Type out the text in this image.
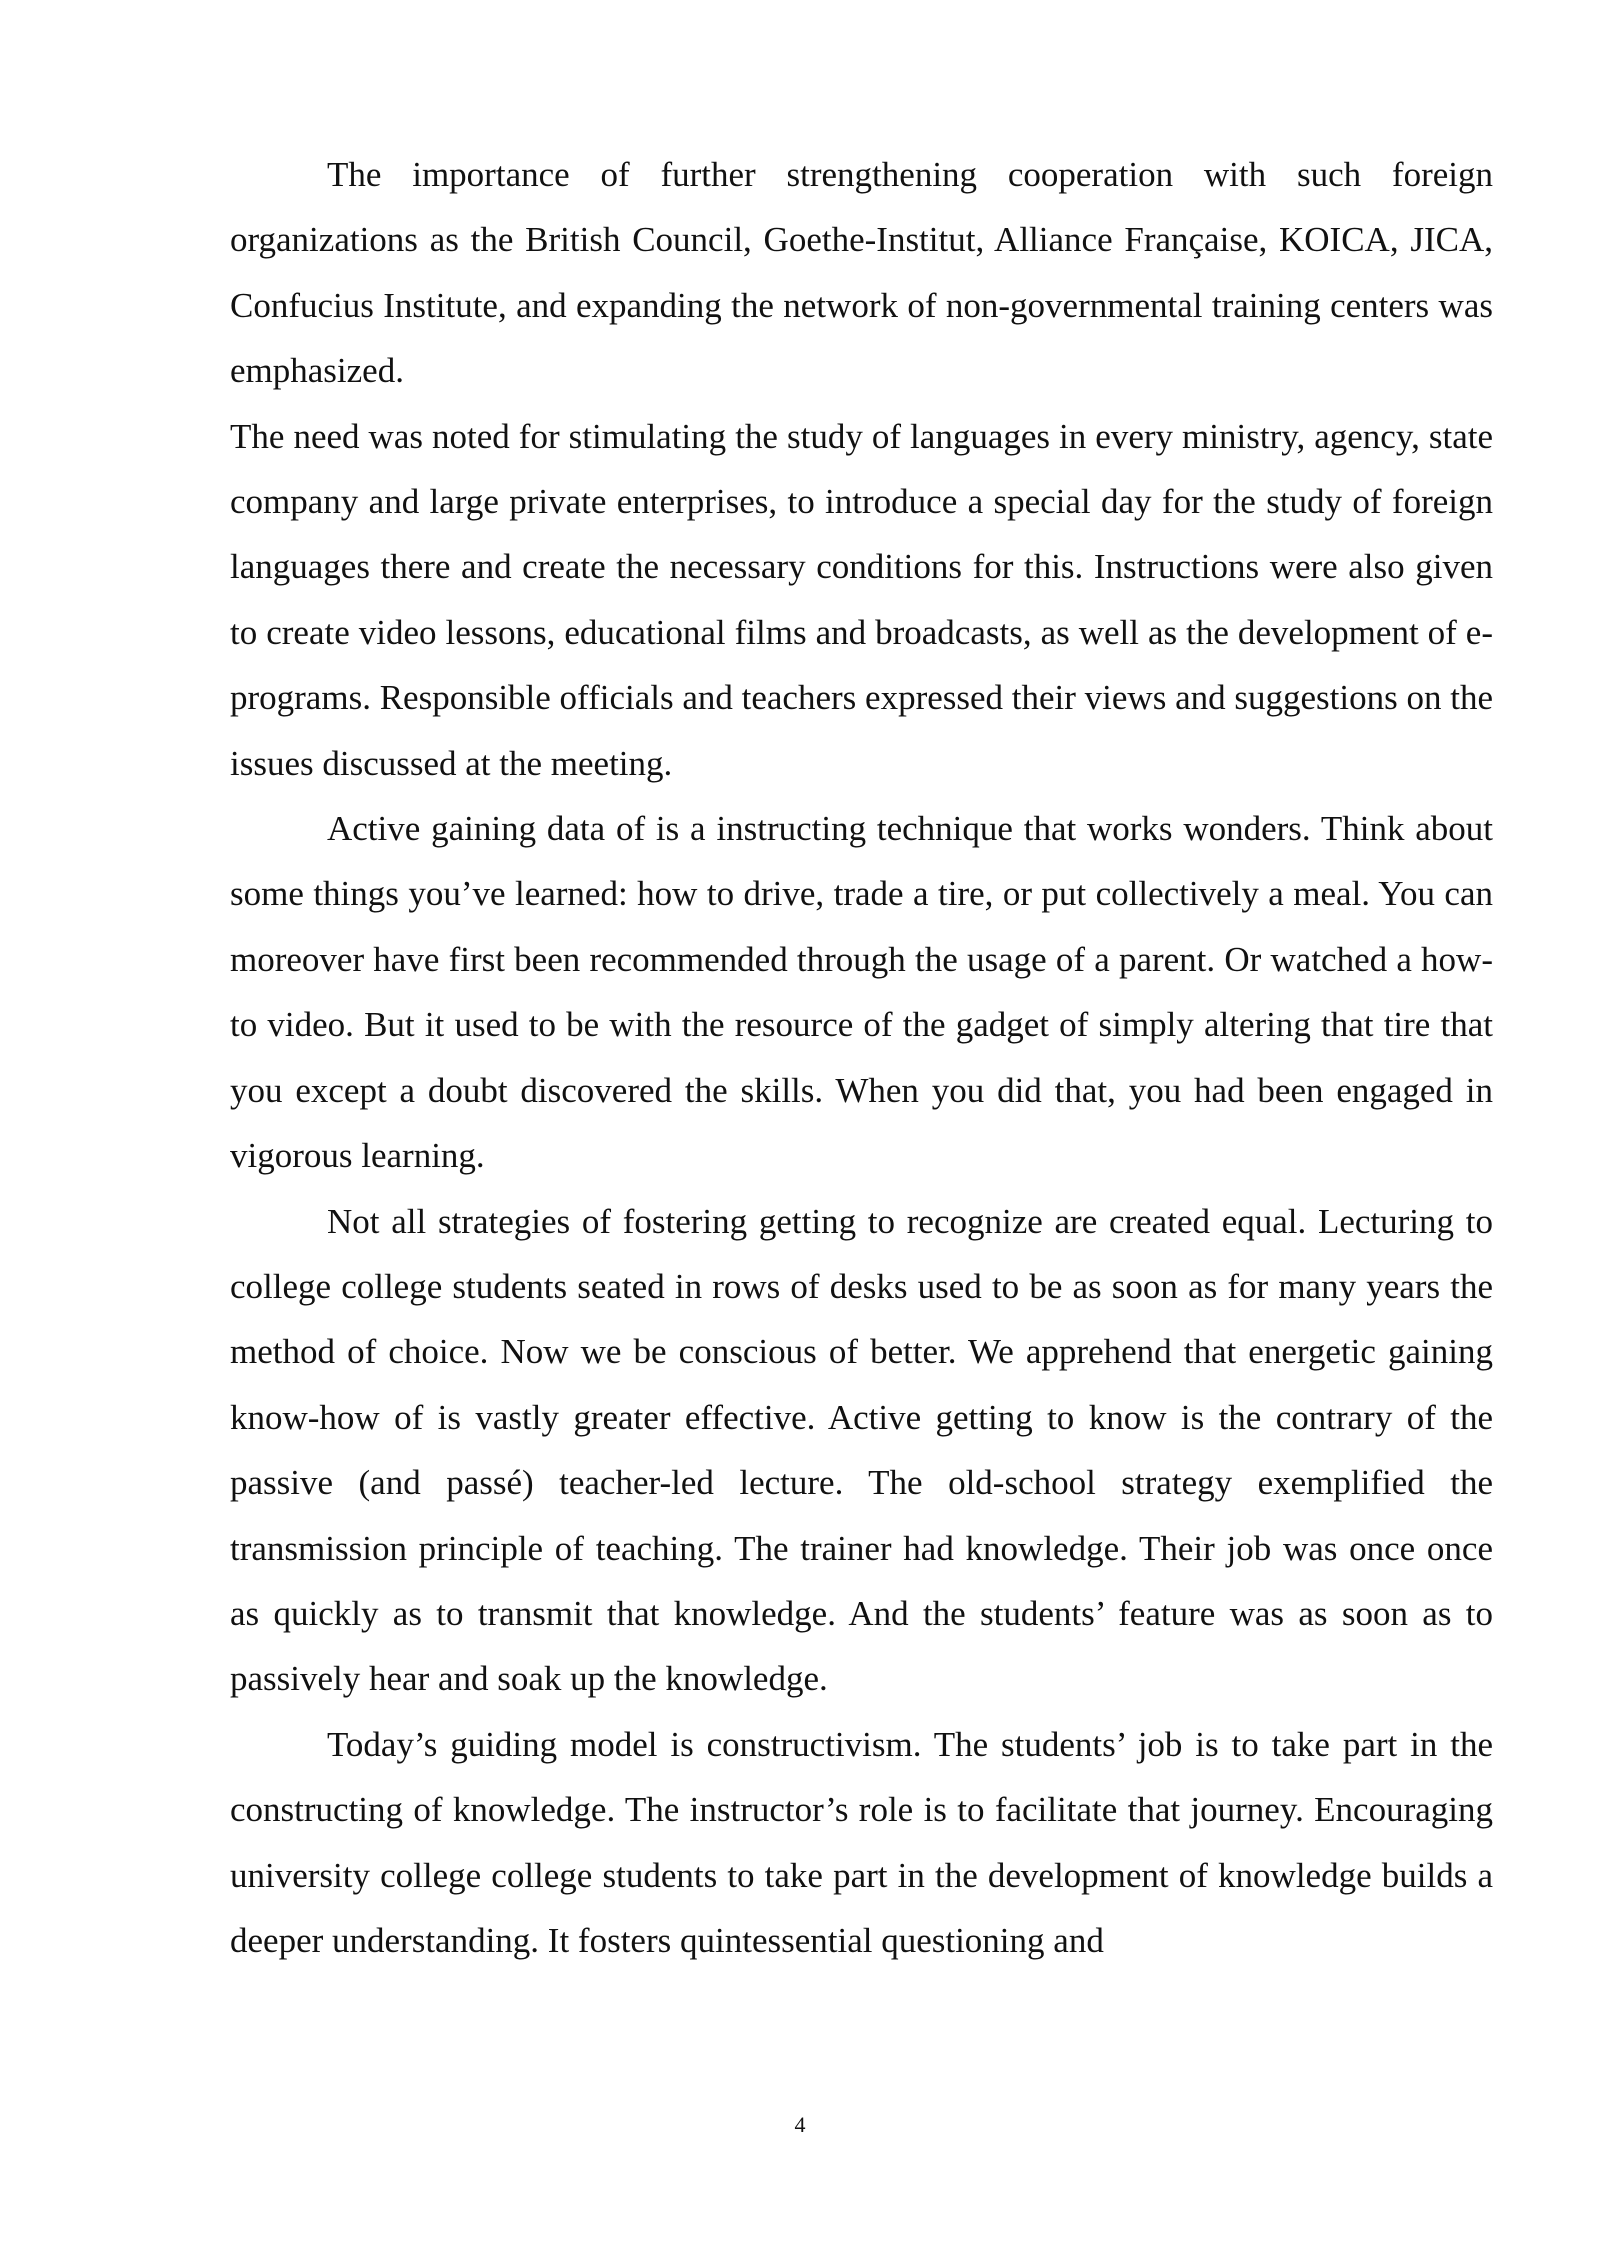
The importance of further strengthening cooperation with such foreign organizations as the British Council, Goethe-Institut, Alliance Française, KOICA, JICA, Confucius Institute, and expanding the network of non-governmental training centers was emphasized.

The need was noted for stimulating the study of languages in every ministry, agency, state company and large private enterprises, to introduce a special day for the study of foreign languages there and create the necessary conditions for this. Instructions were also given to create video lessons, educational films and broadcasts, as well as the development of e-programs. Responsible officials and teachers expressed their views and suggestions on the issues discussed at the meeting.

Active gaining data of is a instructing technique that works wonders. Think about some things you’ve learned: how to drive, trade a tire, or put collectively a meal. You can moreover have first been recommended through the usage of a parent. Or watched a how-to video. But it used to be with the resource of the gadget of simply altering that tire that you except a doubt discovered the skills. When you did that, you had been engaged in vigorous learning.

Not all strategies of fostering getting to recognize are created equal. Lecturing to college college students seated in rows of desks used to be as soon as for many years the method of choice. Now we be conscious of better. We apprehend that energetic gaining know-how of is vastly greater effective. Active getting to know is the contrary of the passive (and passé) teacher-led lecture. The old-school strategy exemplified the transmission principle of teaching. The trainer had knowledge. Their job was once once as quickly as to transmit that knowledge. And the students’ feature was as soon as to passively hear and soak up the knowledge.

Today’s guiding model is constructivism. The students’ job is to take part in the constructing of knowledge. The instructor’s role is to facilitate that journey. Encouraging university college college students to take part in the development of knowledge builds a deeper understanding. It fosters quintessential questioning and

4
